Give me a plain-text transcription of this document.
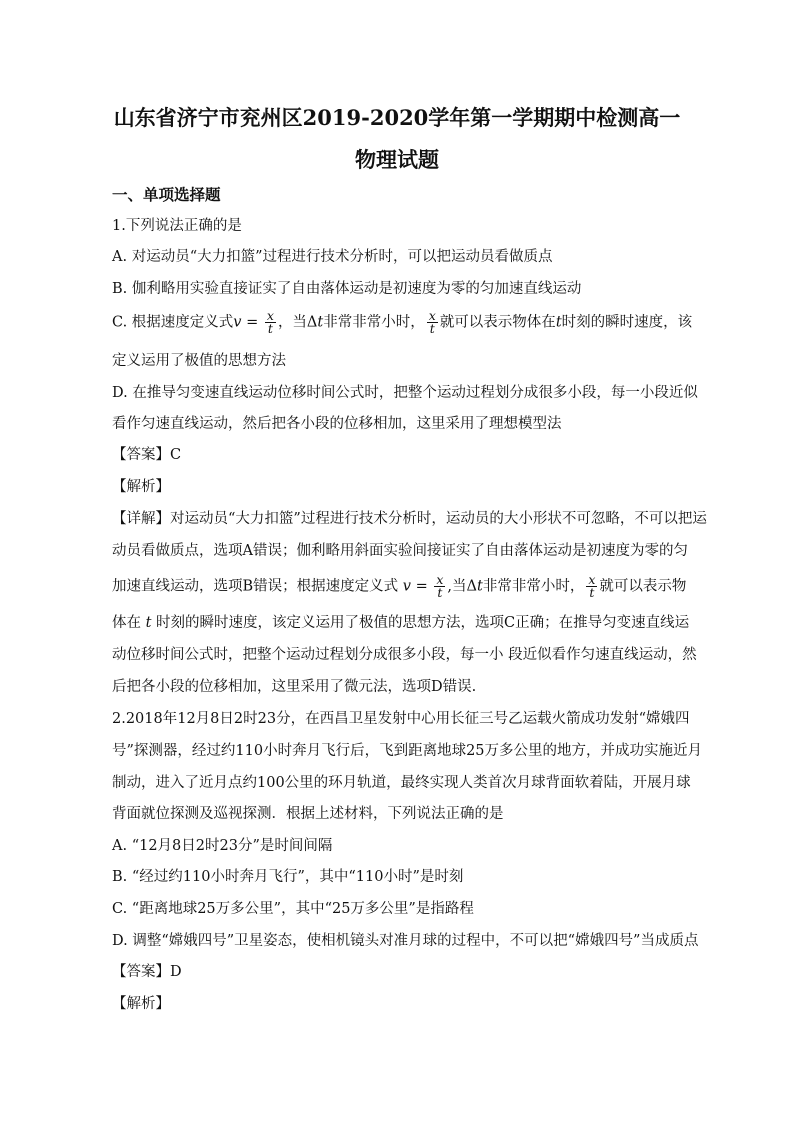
山东省济宁市兖州区2019-2020学年第一学期期中检测高一
物理试题
一、单项选择题
1.下列说法正确的是
A. 对运动员“大力扣篮”过程进行技术分析时，可以把运动员看做质点
B. 伽利略用实验直接证实了自由落体运动是初速度为零的匀加速直线运动
C. 根据速度定义式$v = \frac{x}{t}$ ，当Δt非常非常小时， $\frac{x}{t}$ 就可以表示物体在t时刻的瞬时速度，该
定义运用了极值的思想方法
D. 在推导匀变速直线运动位移时间公式时，把整个运动过程划分成很多小段，每一小段近似
看作匀速直线运动，然后把各小段的位移相加，这里采用了理想模型法
【答案】C
【解析】
【详解】对运动员“大力扣篮”过程进行技术分析时，运动员的大小形状不可忽略，不可以把运
动员看做质点，选项A错误；伽利略用斜面实验间接证实了自由落体运动是初速度为零的匀
加速直线运动，选项B错误；根据速度定义式 $v = \frac{x}{t}$ ,当Δt非常非常小时， $\frac{x}{t}$ 就可以表示物
体在 t 时刻的瞬时速度，该定义运用了极值的思想方法，选项C正确；在推导匀变速直线运
动位移时间公式时，把整个运动过程划分成很多小段，每一小 段近似看作匀速直线运动，然
后把各小段的位移相加，这里采用了微元法，选项D错误.
2.2018年12月8日2时23分，在西昌卫星发射中心用长征三号乙运载火箭成功发射“嫦娥四
号”探测器，经过约110小时奔月飞行后，飞到距离地球25万多公里的地方，并成功实施近月
制动，进入了近月点约100公里的环月轨道，最终实现人类首次月球背面软着陆，开展月球
背面就位探测及巡视探测．根据上述材料，下列说法正确的是
A. “12月8日2时23分”是时间间隔
B. “经过约110小时奔月飞行”，其中“110小时”是时刻
C. “距离地球25万多公里”，其中“25万多公里”是指路程
D. 调整“嫦娥四号”卫星姿态，使相机镜头对准月球的过程中，不可以把“嫦娥四号”当成质点
【答案】D
【解析】
